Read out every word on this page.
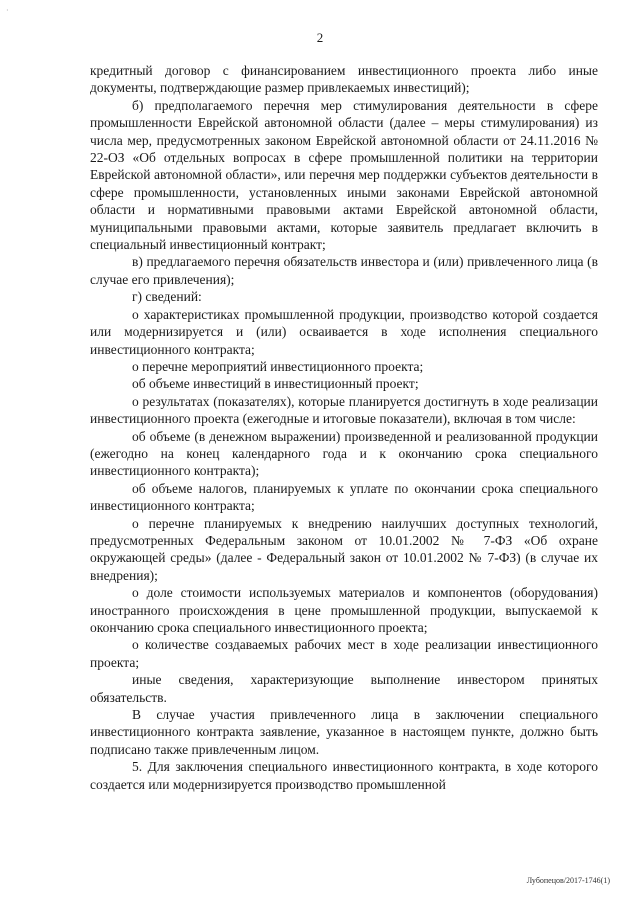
·
2

кредитный договор с финансированием инвестиционного проекта либо иные документы, подтверждающие размер привлекаемых инвестиций);

б) предполагаемого перечня мер стимулирования деятельности в сфере промышленности Еврейской автономной области (далее – меры стимулирования) из числа мер, предусмотренных законом Еврейской автономной области от 24.11.2016 № 22-ОЗ «Об отдельных вопросах в сфере промышленной политики на территории Еврейской автономной области», или перечня мер поддержки субъектов деятельности в сфере промышленности, установленных иными законами Еврейской автономной области и нормативными правовыми актами Еврейской автономной области, муниципальными правовыми актами, которые заявитель предлагает включить в специальный инвестиционный контракт;

в) предлагаемого перечня обязательств инвестора и (или) привлеченного лица (в случае его привлечения);

г) сведений:

о характеристиках промышленной продукции, производство которой создается или модернизируется и (или) осваивается в ходе исполнения специального инвестиционного контракта;

о перечне мероприятий инвестиционного проекта;

об объеме инвестиций в инвестиционный проект;

о результатах (показателях), которые планируется достигнуть в ходе реализации инвестиционного проекта (ежегодные и итоговые показатели), включая в том числе:

об объеме (в денежном выражении) произведенной и реализованной продукции (ежегодно на конец календарного года и к окончанию срока специального инвестиционного контракта);

об объеме налогов, планируемых к уплате по окончании срока специального инвестиционного контракта;

о перечне планируемых к внедрению наилучших доступных технологий, предусмотренных Федеральным законом от 10.01.2002 № 7-ФЗ «Об охране окружающей среды» (далее - Федеральный закон от 10.01.2002 № 7-ФЗ) (в случае их внедрения);

о доле стоимости используемых материалов и компонентов (оборудования) иностранного происхождения в цене промышленной продукции, выпускаемой к окончанию срока специального инвестиционного проекта;

о количестве создаваемых рабочих мест в ходе реализации инвестиционного проекта;

иные сведения, характеризующие выполнение инвестором принятых обязательств.

В случае участия привлеченного лица в заключении специального инвестиционного контракта заявление, указанное в настоящем пункте, должно быть подписано также привлеченным лицом.

5. Для заключения специального инвестиционного контракта, в ходе которого создается или модернизируется производство промышленной

Лубопецов/2017-1746(1)
